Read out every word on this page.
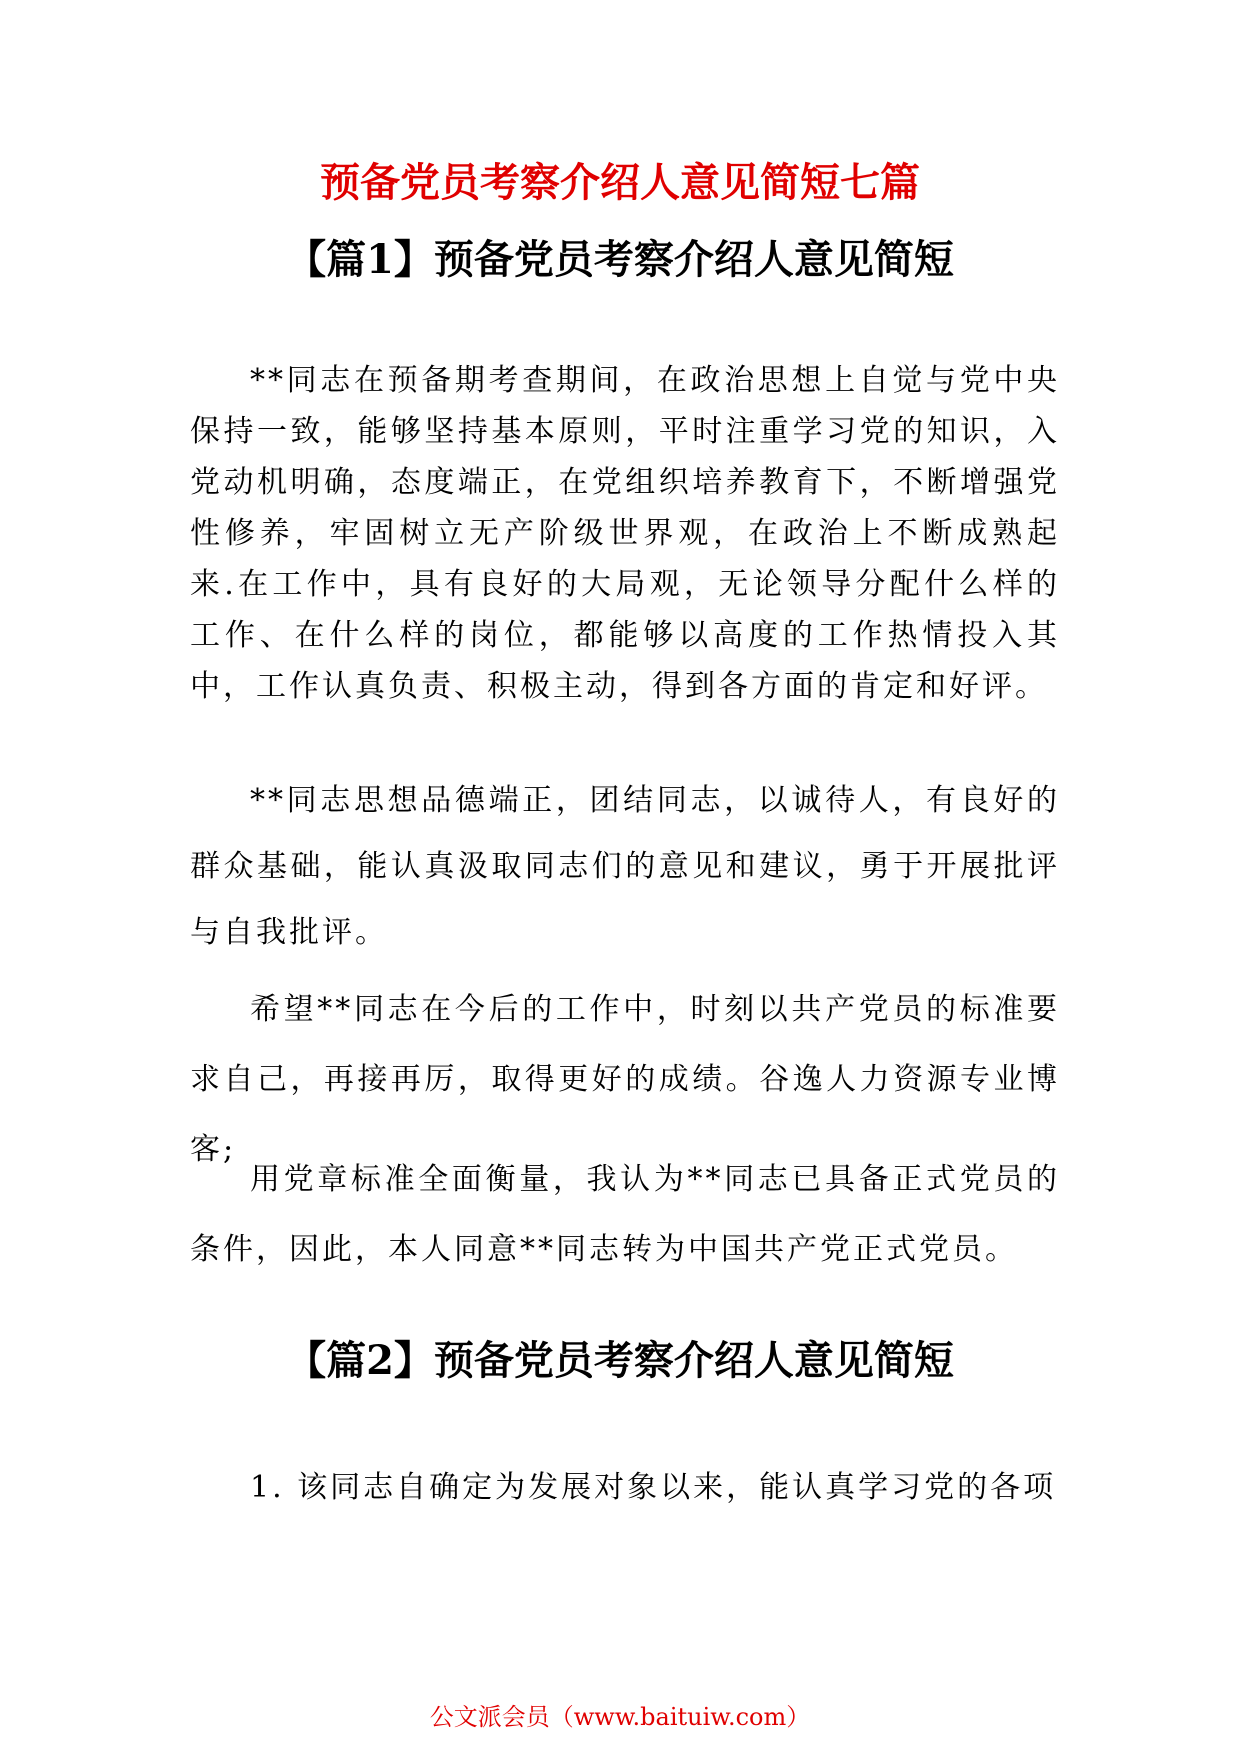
预备党员考察介绍人意见简短七篇
【篇1】预备党员考察介绍人意见简短

**同志在预备期考查期间，在政治思想上自觉与党中央保持一致，能够坚持基本原则，平时注重学习党的知识，入党动机明确，态度端正，在党组织培养教育下，不断增强党性修养，牢固树立无产阶级世界观，在政治上不断成熟起来.在工作中，具有良好的大局观，无论领导分配什么样的工作、在什么样的岗位，都能够以高度的工作热情投入其中，工作认真负责、积极主动，得到各方面的肯定和好评。

**同志思想品德端正，团结同志，以诚待人，有良好的群众基础，能认真汲取同志们的意见和建议，勇于开展批评与自我批评。

希望**同志在今后的工作中，时刻以共产党员的标准要求自己，再接再厉，取得更好的成绩。谷逸人力资源专业博客;

用党章标准全面衡量，我认为**同志已具备正式党员的条件，因此，本人同意**同志转为中国共产党正式党员。

【篇2】预备党员考察介绍人意见简短

1. 该同志自确定为发展对象以来，能认真学习党的各项

公文派会员（www.baituiw.com）
